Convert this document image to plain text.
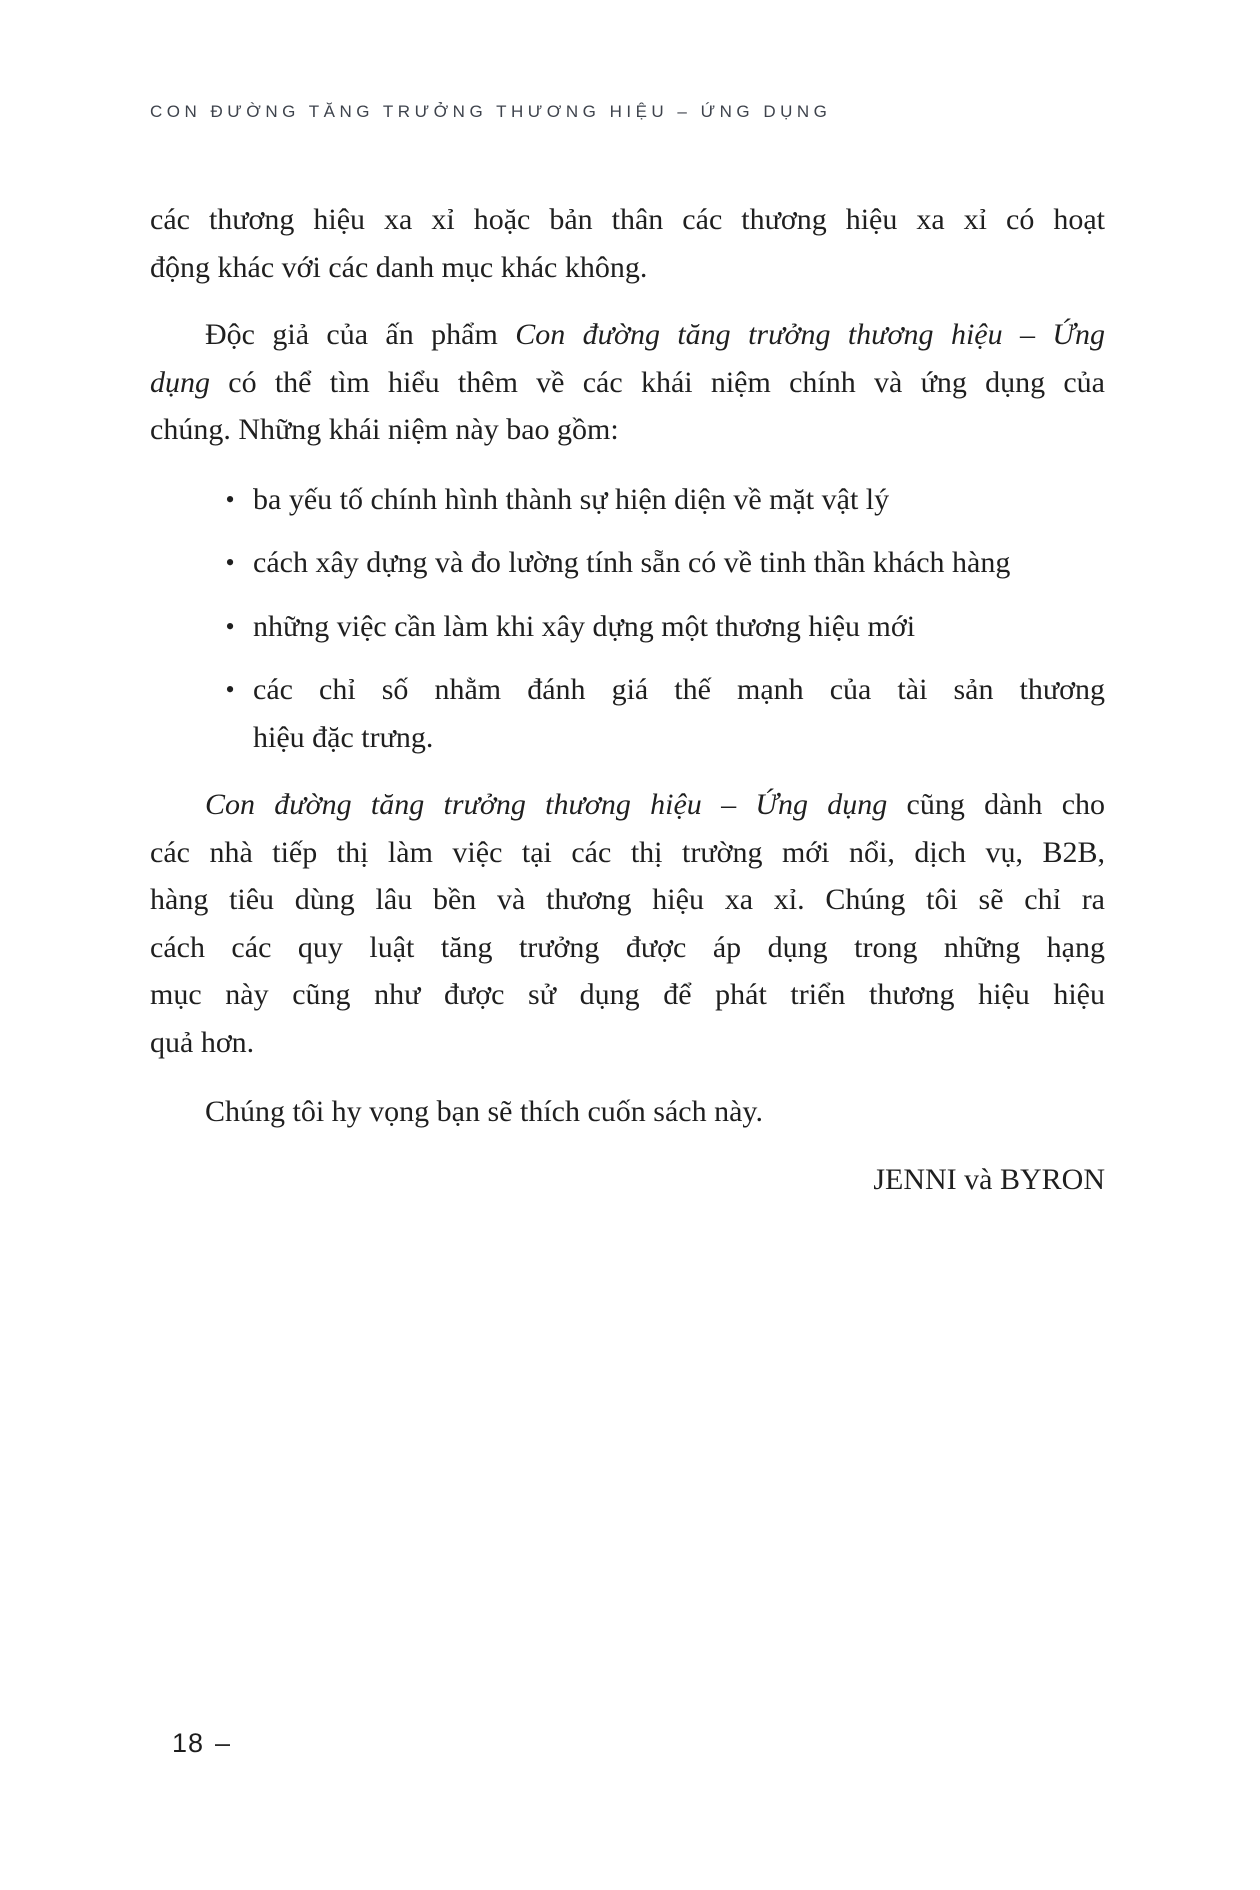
CON ĐƯỜNG TĂNG TRƯỞNG THƯƠNG HIỆU – ỨNG DỤNG
các thương hiệu xa xỉ hoặc bản thân các thương hiệu xa xỉ có hoạt
động khác với các danh mục khác không.
Độc giả của ấn phẩm Con đường tăng trưởng thương hiệu – Ứng
dụng có thể tìm hiểu thêm về các khái niệm chính và ứng dụng của
chúng. Những khái niệm này bao gồm:
• ba yếu tố chính hình thành sự hiện diện về mặt vật lý
• cách xây dựng và đo lường tính sẵn có về tinh thần khách hàng
• những việc cần làm khi xây dựng một thương hiệu mới
• các chỉ số nhằm đánh giá thế mạnh của tài sản thương
hiệu đặc trưng.
Con đường tăng trưởng thương hiệu – Ứng dụng cũng dành cho
các nhà tiếp thị làm việc tại các thị trường mới nổi, dịch vụ, B2B,
hàng tiêu dùng lâu bền và thương hiệu xa xỉ. Chúng tôi sẽ chỉ ra
cách các quy luật tăng trưởng được áp dụng trong những hạng
mục này cũng như được sử dụng để phát triển thương hiệu hiệu
quả hơn.
Chúng tôi hy vọng bạn sẽ thích cuốn sách này.
JENNI và BYRON
18 –
